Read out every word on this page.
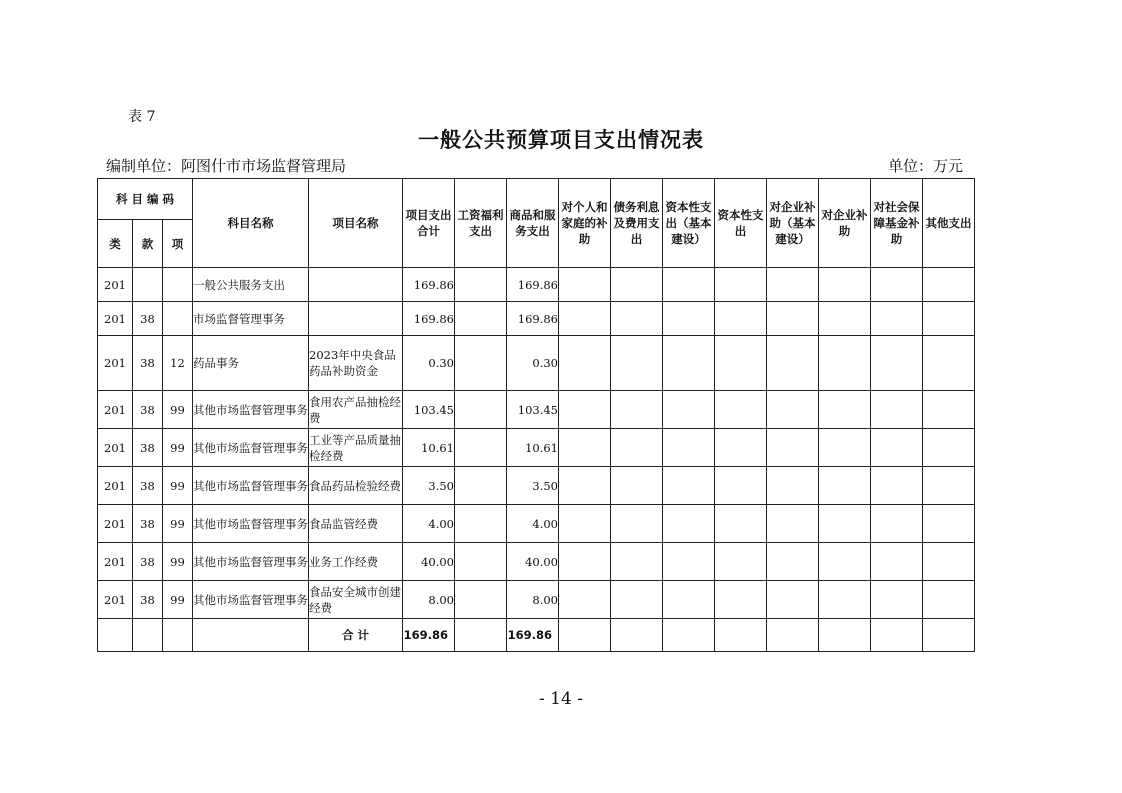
表 7
一般公共预算项目支出情况表
编制单位：阿图什市市场监督管理局	单位：万元
科 目 编 码			科目名称	项目名称	项目支出合计	工资福利支出	商品和服务支出	对个人和家庭的补助	债务利息及费用支出	资本性支出（基本建设）	资本性支出	对企业补助（基本建设）	对企业补助	对社会保障基金补助	其他支出
类	款	项													
201			一般公共服务支出		169.86		169.86								
201	38		市场监督管理事务		169.86		169.86								
201	38	12	药品事务	2023年中央食品药品补助资金	0.30		0.30								
201	38	99	其他市场监督管理事务	食用农产品抽检经费	103.45		103.45								
201	38	99	其他市场监督管理事务	工业等产品质量抽检经费	10.61		10.61								
201	38	99	其他市场监督管理事务	食品药品检验经费	3.50		3.50								
201	38	99	其他市场监督管理事务	食品监管经费	4.00		4.00								
201	38	99	其他市场监督管理事务	业务工作经费	40.00		40.00								
201	38	99	其他市场监督管理事务	食品安全城市创建经费	8.00		8.00								
				合 计	169.86		169.86								
- 14 -
